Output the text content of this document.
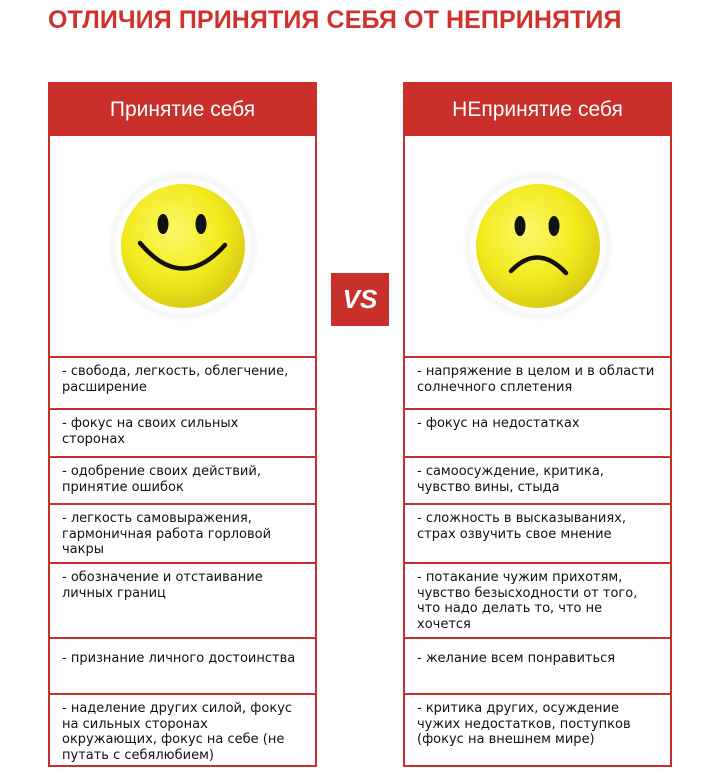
ОТЛИЧИЯ ПРИНЯТИЯ СЕБЯ ОТ НЕПРИНЯТИЯ
Принятие себя
- свобода, легкость, облегчение, расширение
- фокус на своих сильных сторонах
- одобрение своих действий, принятие ошибок
- легкость самовыражения, гармоничная работа горловой чакры
- обозначение и отстаивание личных границ
- признание личного достоинства
- наделение других силой, фокус на сильных сторонах окружающих, фокус на себе (не путать с себялюбием)
VS
НЕпринятие себя
- напряжение в целом и в области солнечного сплетения
- фокус на недостатках
- самоосуждение, критика, чувство вины, стыда
- сложность в высказываниях, страх озвучить свое мнение
- потакание чужим прихотям, чувство безысходности от того, что надо делать то, что не хочется
- желание всем понравиться
- критика других, осуждение чужих недостатков, поступков (фокус на внешнем мире)
